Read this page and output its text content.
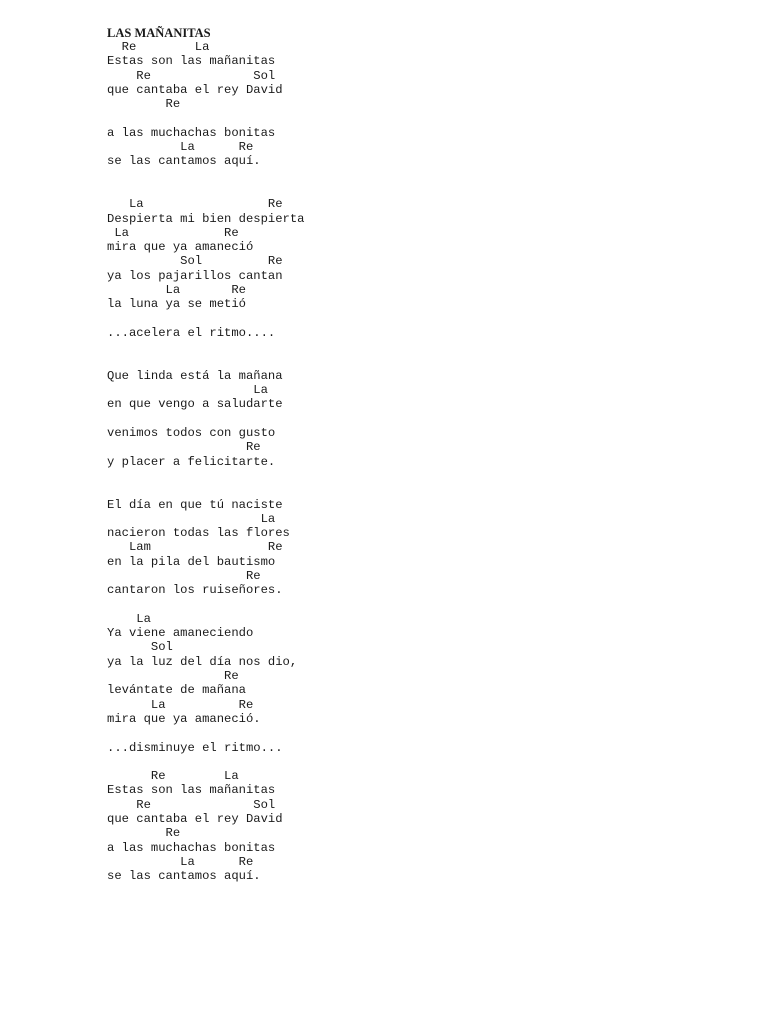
LAS MAÑANITAS
Re        La
Estas son las mañanitas
Re              Sol
que cantaba el rey David
Re
a las muchachas bonitas
La      Re
se las cantamos aquí.
La                 Re
Despierta mi bien despierta
La             Re
mira que ya amaneció
Sol         Re
ya los pajarillos cantan
La       Re
la luna ya se metió
...acelera el ritmo....
Que linda está la mañana
La
en que vengo a saludarte
venimos todos con gusto
Re
y placer a felicitarte.
El día en que tú naciste
La
nacieron todas las flores
Lam                Re
en la pila del bautismo
Re
cantaron los ruiseñores.
La
Ya viene amaneciendo
Sol
ya la luz del día nos dio,
Re
levántate de mañana
La          Re
mira que ya amaneció.
...disminuye el ritmo...
Re        La
Estas son las mañanitas
Re              Sol
que cantaba el rey David
Re
a las muchachas bonitas
La      Re
se las cantamos aquí.
